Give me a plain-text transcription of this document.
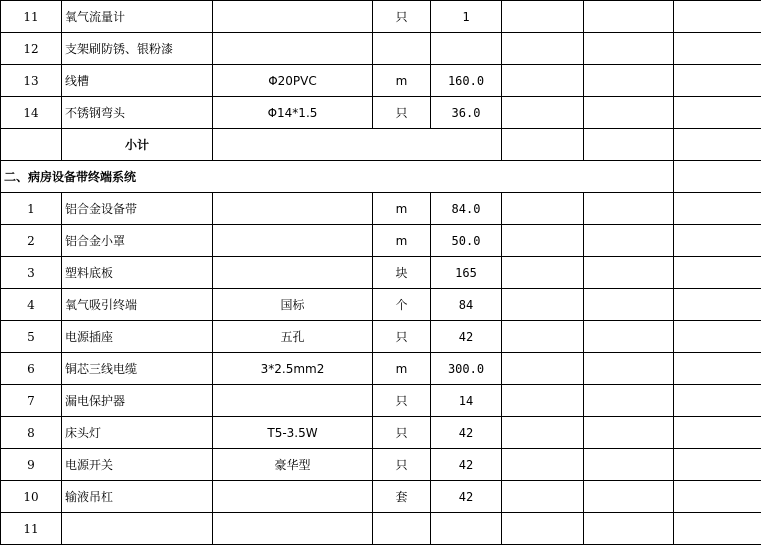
11	氧气流量计		只	1			
12	支架刷防锈、银粉漆						
13	线槽	Φ20PVC	m	160.0			
14	不锈钢弯头	Φ14*1.5	只	36.0			
	小计						
二、病房设备带终端系统							
1	铝合金设备带		m	84.0			
2	铝合金小罩		m	50.0			
3	塑料底板		块	165			
4	氧气吸引终端	国标	个	84			
5	电源插座	五孔	只	42			
6	铜芯三线电缆	3*2.5mm2	m	300.0			
7	漏电保护器		只	14			
8	床头灯	T5-3.5W	只	42			
9	电源开关	豪华型	只	42			
10	输液吊杠		套	42			
11							
